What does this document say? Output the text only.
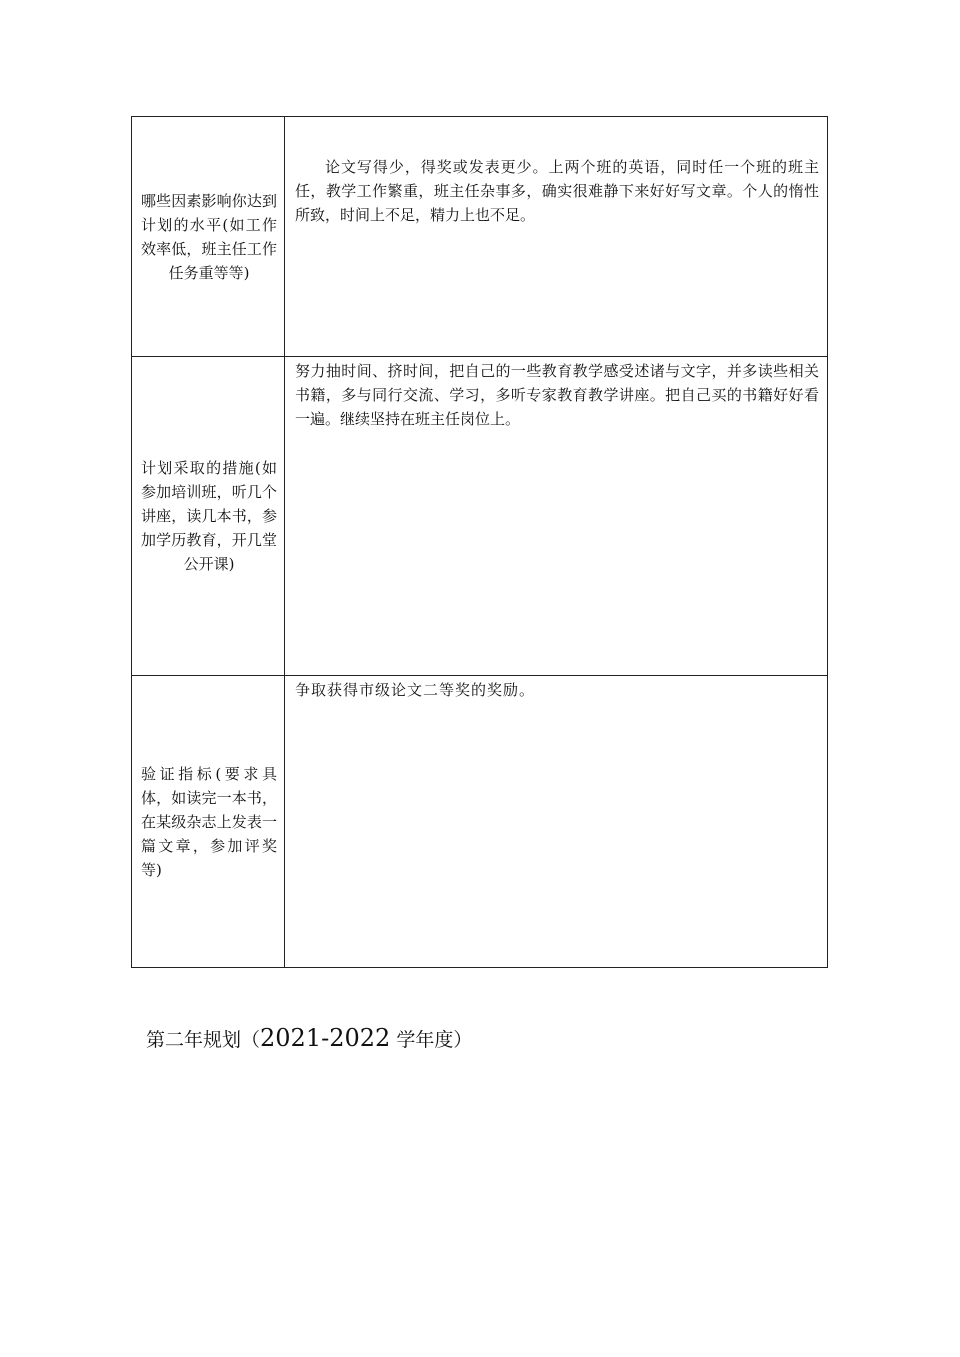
哪些因素影响你达到计划的水平(如工作效率低，班主任工作任务重等等)	论文写得少，得奖或发表更少。上两个班的英语，同时任一个班的班主任，教学工作繁重，班主任杂事多，确实很难静下来好好写文章。个人的惰性所致，时间上不足，精力上也不足。

计划采取的措施(如参加培训班，听几个讲座，读几本书，参加学历教育，开几堂公开课)	努力抽时间、挤时间，把自己的一些教育教学感受述诸与文字，并多读些相关书籍，多与同行交流、学习，多听专家教育教学讲座。把自己买的书籍好好看一遍。继续坚持在班主任岗位上。

验证指标(要求具体，如读完一本书，在某级杂志上发表一篇文章，参加评奖等)	争取获得市级论文二等奖的奖励。
第二年规划（2021-2022 学年度）
